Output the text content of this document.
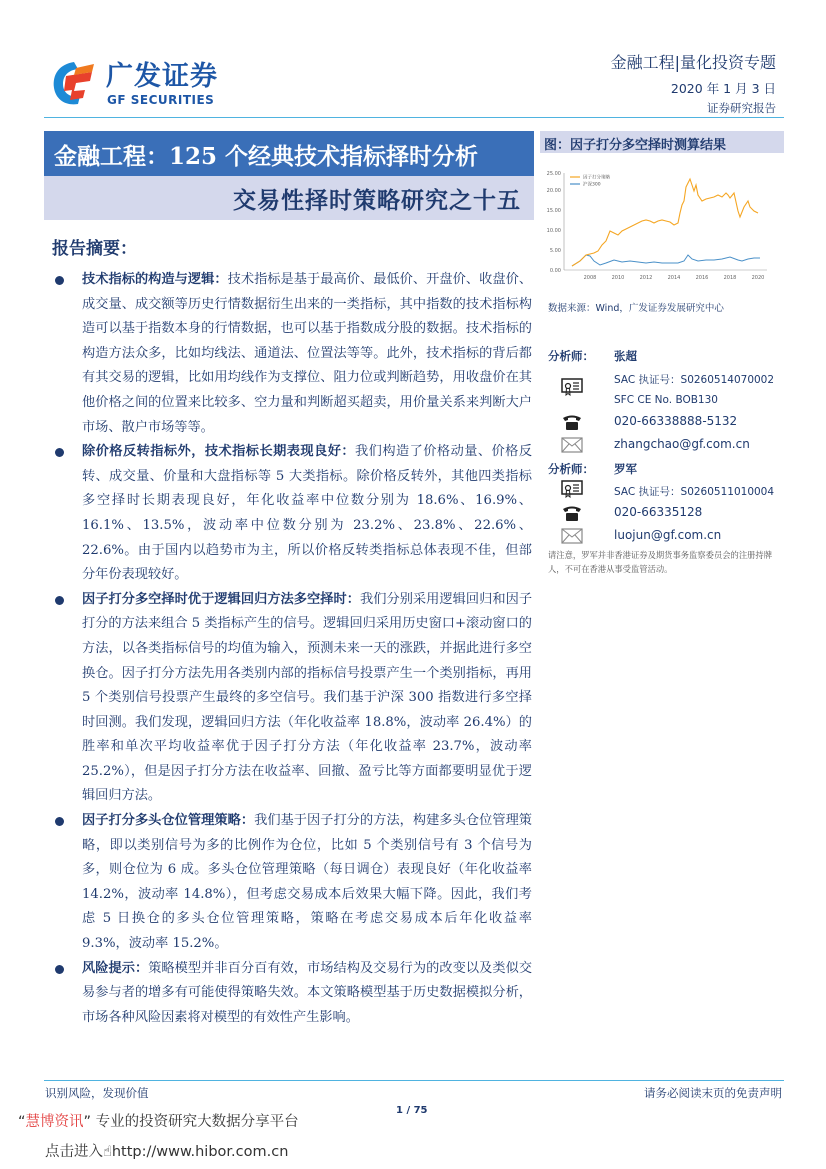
广发证券
GF SECURITIES
金融工程|量化投资专题
2020 年 1 月 3 日
证券研究报告
金融工程：125 个经典技术指标择时分析
交易性择时策略研究之十五
报告摘要：
技术指标的构造与逻辑：技术指标是基于最高价、最低价、开盘价、收盘价、成交量、成交额等历史行情数据衍生出来的一类指标，其中指数的技术指标构造可以基于指数本身的行情数据，也可以基于指数成分股的数据。技术指标的构造方法众多，比如均线法、通道法、位置法等等。此外，技术指标的背后都有其交易的逻辑，比如用均线作为支撑位、阻力位或判断趋势，用收盘价在其他价格之间的位置来比较多、空力量和判断超买超卖，用价量关系来判断大户市场、散户市场等等。
除价格反转指标外，技术指标长期表现良好：我们构造了价格动量、价格反转、成交量、价量和大盘指标等 5 大类指标。除价格反转外，其他四类指标多空择时长期表现良好，年化收益率中位数分别为 18.6%、16.9%、16.1%、13.5%，波动率中位数分别为 23.2%、23.8%、22.6%、22.6%。由于国内以趋势市为主，所以价格反转类指标总体表现不佳，但部分年份表现较好。
因子打分多空择时优于逻辑回归方法多空择时：我们分别采用逻辑回归和因子打分的方法来组合 5 类指标产生的信号。逻辑回归采用历史窗口+滚动窗口的方法，以各类指标信号的均值为输入，预测未来一天的涨跌，并据此进行多空换仓。因子打分方法先用各类别内部的指标信号投票产生一个类别指标，再用 5 个类别信号投票产生最终的多空信号。我们基于沪深 300 指数进行多空择时回测。我们发现，逻辑回归方法（年化收益率 18.8%，波动率 26.4%）的胜率和单次平均收益率优于因子打分方法（年化收益率 23.7%，波动率 25.2%），但是因子打分方法在收益率、回撤、盈亏比等方面都要明显优于逻辑回归方法。
因子打分多头仓位管理策略：我们基于因子打分的方法，构建多头仓位管理策略，即以类别信号为多的比例作为仓位，比如 5 个类别信号有 3 个信号为多，则仓位为 6 成。多头仓位管理策略（每日调仓）表现良好（年化收益率 14.2%，波动率 14.8%），但考虑交易成本后效果大幅下降。因此，我们考虑 5 日换仓的多头仓位管理策略，策略在考虑交易成本后年化收益率 9.3%，波动率 15.2%。
风险提示：策略模型并非百分百有效，市场结构及交易行为的改变以及类似交易参与者的增多有可能使得策略失效。本文策略模型基于历史数据模拟分析，市场各种风险因素将对模型的有效性产生影响。
图：因子打分多空择时测算结果
0.00
5.00
10.00
15.00
20.00
25.00
2008	2010	2012	2014	2016	2018	2020
因子打分策略
沪深300
数据来源：Wind，广发证券发展研究中心
分析师： 张超
SAC 执证号：S0260514070002
SFC CE No. BOB130
020-66338888-5132
zhangchao@gf.com.cn
分析师： 罗军
SAC 执证号：S0260511010004
020-66335128
luojun@gf.com.cn
请注意，罗军并非香港证券及期货事务监察委员会的注册持牌人，不可在香港从事受监管活动。
识别风险，发现价值	请务必阅读末页的免责声明
1 / 75
“慧博资讯” 专业的投资研究大数据分享平台
点击进入☝http://www.hibor.com.cn
